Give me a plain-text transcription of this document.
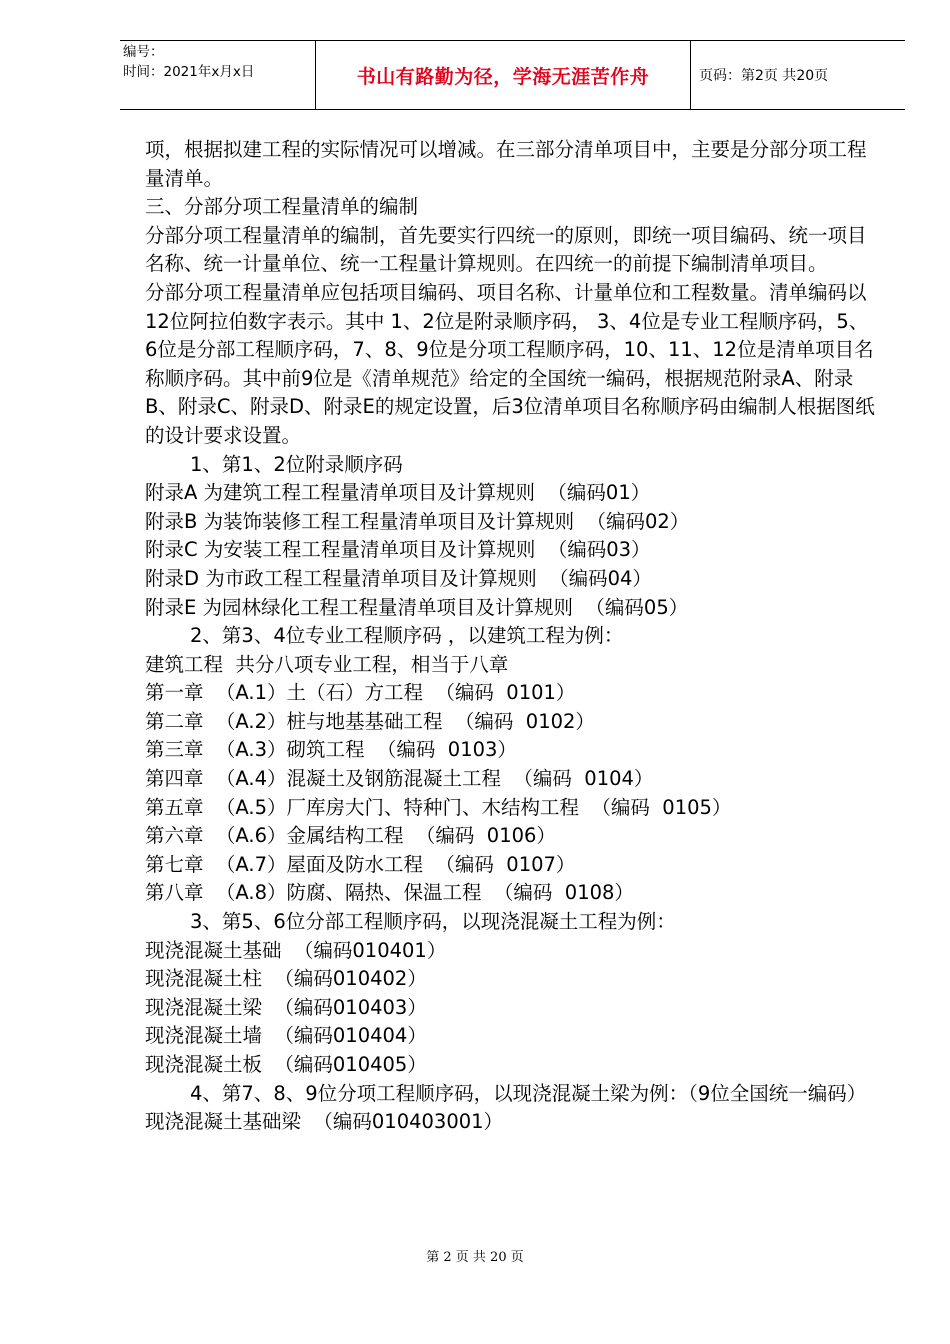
编号：
时间：2021年x月x日	书山有路勤为径，学海无涯苦作舟	页码：第2页 共20页

项，根据拟建工程的实际情况可以增减。在三部分清单项目中，主要是分部分项工程量清单。

三、分部分项工程量清单的编制

分部分项工程量清单的编制，首先要实行四统一的原则，即统一项目编码、统一项目名称、统一计量单位、统一工程量计算规则。在四统一的前提下编制清单项目。

分部分项工程量清单应包括项目编码、项目名称、计量单位和工程数量。清单编码以12位阿拉伯数字表示。其中 1、2位是附录顺序码， 3、4位是专业工程顺序码，5、6位是分部工程顺序码，7、8、9位是分项工程顺序码，10、11、12位是清单项目名称顺序码。其中前9位是《清单规范》给定的全国统一编码，根据规范附录A、附录B、附录C、附录D、附录E的规定设置，后3位清单项目名称顺序码由编制人根据图纸的设计要求设置。

1、第1、2位附录顺序码

附录A 为建筑工程工程量清单项目及计算规则  （编码01）

附录B 为装饰装修工程工程量清单项目及计算规则  （编码02）

附录C 为安装工程工程量清单项目及计算规则  （编码03）

附录D 为市政工程工程量清单项目及计算规则  （编码04）

附录E 为园林绿化工程工程量清单项目及计算规则  （编码05）

2、第3、4位专业工程顺序码 ，以建筑工程为例：

建筑工程  共分八项专业工程，相当于八章

第一章  （A.1）土（石）方工程  （编码  0101）

第二章  （A.2）桩与地基基础工程  （编码  0102）

第三章  （A.3）砌筑工程  （编码  0103）

第四章  （A.4）混凝土及钢筋混凝土工程  （编码  0104）

第五章  （A.5）厂库房大门、特种门、木结构工程  （编码  0105）

第六章  （A.6）金属结构工程  （编码  0106）

第七章  （A.7）屋面及防水工程  （编码  0107）

第八章  （A.8）防腐、隔热、保温工程  （编码  0108）

3、第5、6位分部工程顺序码，以现浇混凝土工程为例：

现浇混凝土基础  （编码010401）

现浇混凝土柱  （编码010402）

现浇混凝土梁  （编码010403）

现浇混凝土墙  （编码010404）

现浇混凝土板  （编码010405）

4、第7、8、9位分项工程顺序码，以现浇混凝土梁为例：（9位全国统一编码）

现浇混凝土基础梁  （编码010403001）

第 2 页 共 20 页
